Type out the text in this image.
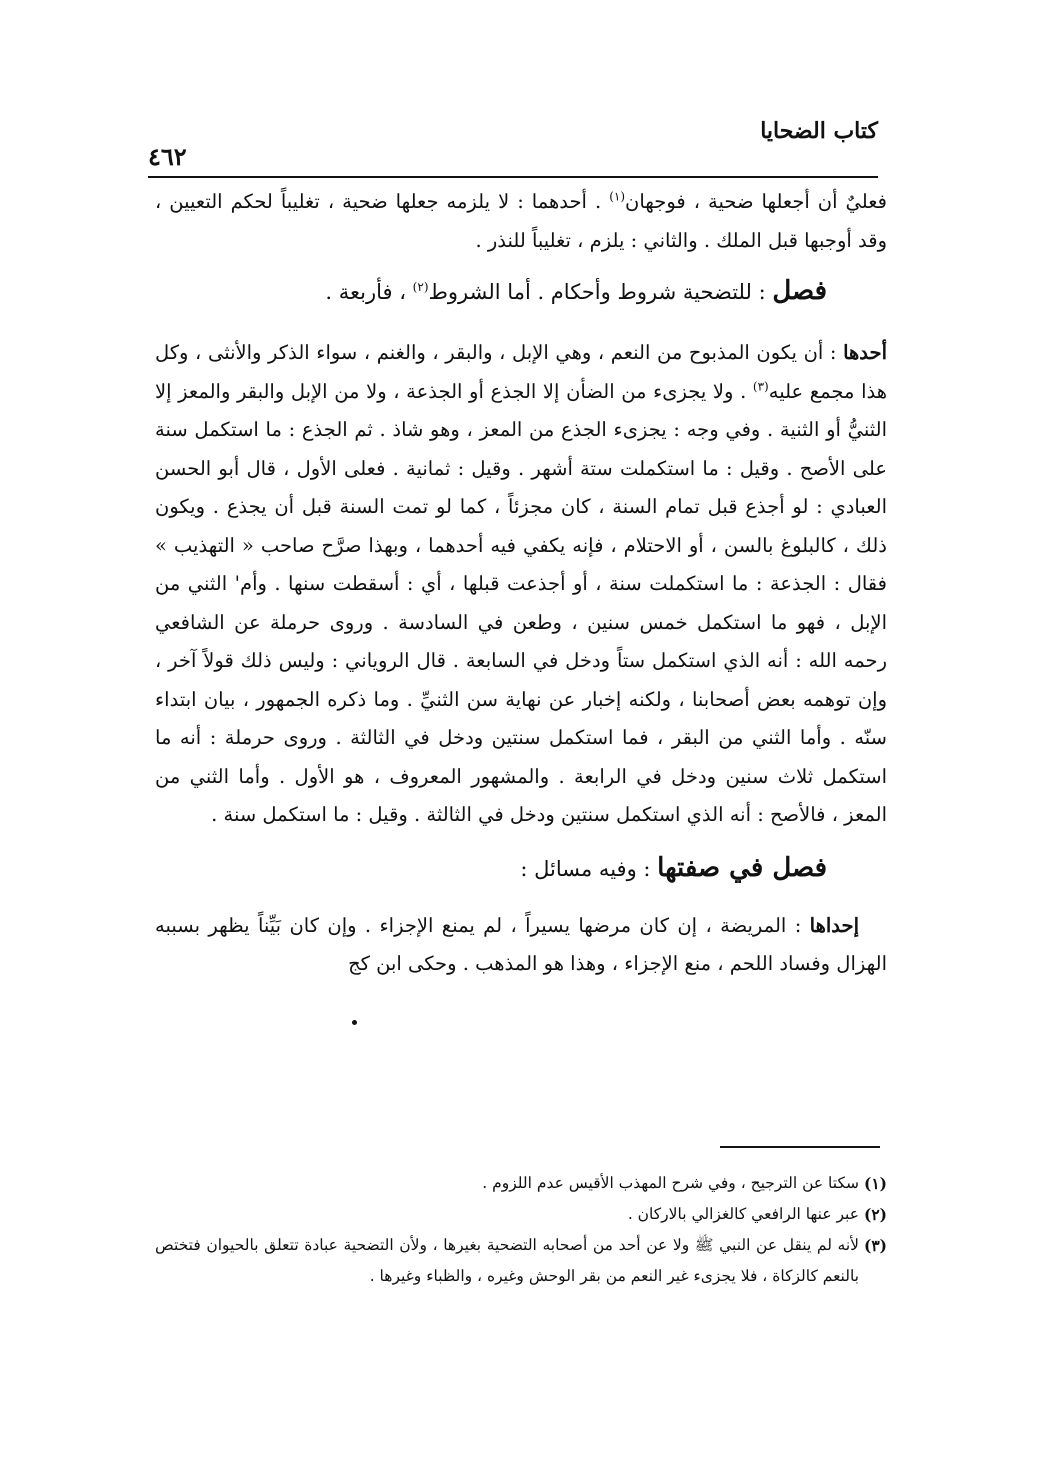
كتاب الضحايا
٤٦٢

فعليٌ أن أجعلها ضحية ، فوجهان$^{(١)}$ . أحدهما : لا يلزمه جعلها ضحية ، تغليباً لحكم التعيين ، وقد أوجبها قبل الملك . والثاني : يلزم ، تغليباً للنذر .

فصل : للتضحية شروط وأحكام . أما الشروط$^{(٢)}$ ، فأربعة .

أحدها : أن يكون المذبوح من النعم ، وهي الإبل ، والبقر ، والغنم ، سواء الذكر والأنثى ، وكل هذا مجمع عليه$^{(٣)}$ . ولا يجزىء من الضأن إلا الجذع أو الجذعة ، ولا من الإبل والبقر والمعز إلا الثنيُّ أو الثنية . وفي وجه : يجزىء الجذع من المعز ، وهو شاذ . ثم الجذع : ما استكمل سنة على الأصح . وقيل : ما استكملت ستة أشهر . وقيل : ثمانية . فعلى الأول ، قال أبو الحسن العبادي : لو أجذع قبل تمام السنة ، كان مجزئاً ، كما لو تمت السنة قبل أن يجذع . ويكون ذلك ، كالبلوغ بالسن ، أو الاحتلام ، فإنه يكفي فيه أحدهما ، وبهذا صرَّح صاحب « التهذيب » فقال : الجذعة : ما استكملت سنة ، أو أجذعت قبلها ، أي : أسقطت سنها . وأم' الثني من الإبل ، فهو ما استكمل خمس سنين ، وطعن في السادسة . وروى حرملة عن الشافعي رحمه الله : أنه الذي استكمل ستاً ودخل في السابعة . قال الروياني : وليس ذلك قولاً آخر ، وإن توهمه بعض أصحابنا ، ولكنه إخبار عن نهاية سن الثنيِّ . وما ذكره الجمهور ، بيان ابتداء سنّه . وأما الثني من البقر ، فما استكمل سنتين ودخل في الثالثة . وروى حرملة : أنه ما استكمل ثلاث سنين ودخل في الرابعة . والمشهور المعروف ، هو الأول . وأما الثني من المعز ، فالأصح : أنه الذي استكمل سنتين ودخل في الثالثة . وقيل : ما استكمل سنة .

فصل في صفتها : وفيه مسائل :

إحداها : المريضة ، إن كان مرضها يسيراً ، لم يمنع الإجزاء . وإن كان بَيِّناً يظهر بسببه الهزال وفساد اللحم ، منع الإجزاء ، وهذا هو المذهب . وحكى ابن كج

(١)
سكتا عن الترجيح ، وفي شرح المهذب الأقيس عدم اللزوم .
(٢)
عبر عنها الرافعي كالغزالي بالاركان .
(٣)
لأنه لم ينقل عن النبي ﷺ ولا عن أحد من أصحابه التضحية بغيرها ، ولأن التضحية عبادة تتعلق بالحيوان فتختص بالنعم كالزكاة ، فلا يجزىء غير النعم من بقر الوحش وغيره ، والظباء وغيرها .
